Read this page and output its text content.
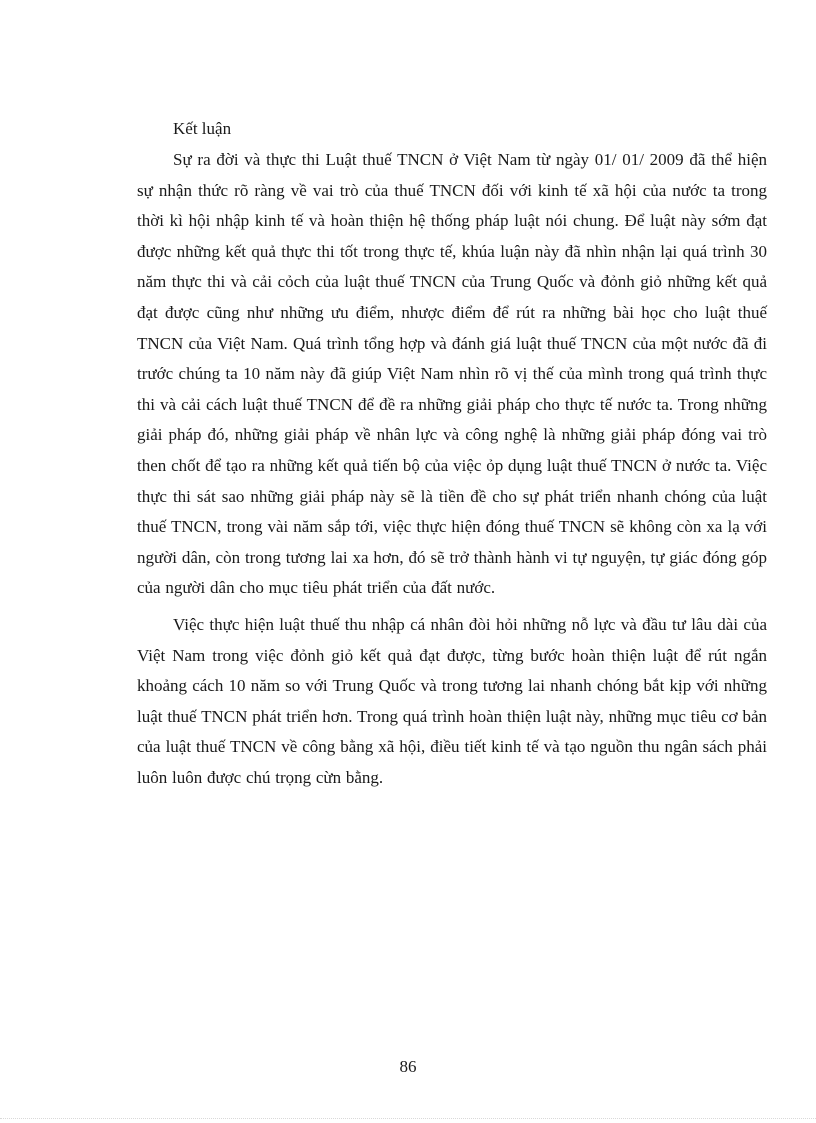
Kết luận

Sự ra đời và thực thi Luật thuế TNCN ở Việt Nam từ ngày 01/ 01/ 2009 đã thể hiện sự nhận thức rõ ràng về vai trò của thuế TNCN đối với kinh tế xã hội của nước ta trong thời kì hội nhập kinh tế và hoàn thiện hệ thống pháp luật nói chung. Để luật này sớm đạt được những kết quả thực thi tốt trong thực tế, khúa luận này đã nhìn nhận lại quá trình 30 năm thực thi và cải cỏch của luật thuế TNCN của Trung Quốc và đỏnh giỏ những kết quả đạt được cũng như những ưu điểm, nhược điểm để rút ra những bài học cho luật thuế TNCN của Việt Nam. Quá trình tổng hợp và đánh giá luật thuế TNCN của một nước đã đi trước chúng ta 10 năm này đã giúp Việt Nam nhìn rõ vị thế của mình trong quá trình thực thi và cải cách luật thuế TNCN để đề ra những giải pháp cho thực tế nước ta. Trong những giải pháp đó, những giải pháp về nhân lực và công nghệ là những giải pháp đóng vai trò then chốt để tạo ra những kết quả tiến bộ của việc ỏp dụng luật thuế TNCN ở nước ta. Việc thực thi sát sao những giải pháp này sẽ là tiền đề cho sự phát triển nhanh chóng của luật thuế TNCN, trong vài năm sắp tới, việc thực hiện đóng thuế TNCN sẽ không còn xa lạ với người dân, còn trong tương lai xa hơn, đó sẽ trở thành hành vi tự nguyện, tự giác đóng góp của người dân cho mục tiêu phát triển của đất nước.

Việc thực hiện luật thuế thu nhập cá nhân đòi hỏi những nỗ lực và đầu tư lâu dài của Việt Nam trong việc đỏnh giỏ kết quả đạt được, từng bước hoàn thiện luật để rút ngắn khoảng cách 10 năm so với Trung Quốc và trong tương lai nhanh chóng bắt kịp với những luật thuế TNCN phát triển hơn. Trong quá trình hoàn thiện luật này, những mục tiêu cơ bản của luật thuế TNCN về công bằng xã hội, điều tiết kinh tế và tạo nguồn thu ngân sách phải luôn luôn được chú trọng cừn bằng.

86
